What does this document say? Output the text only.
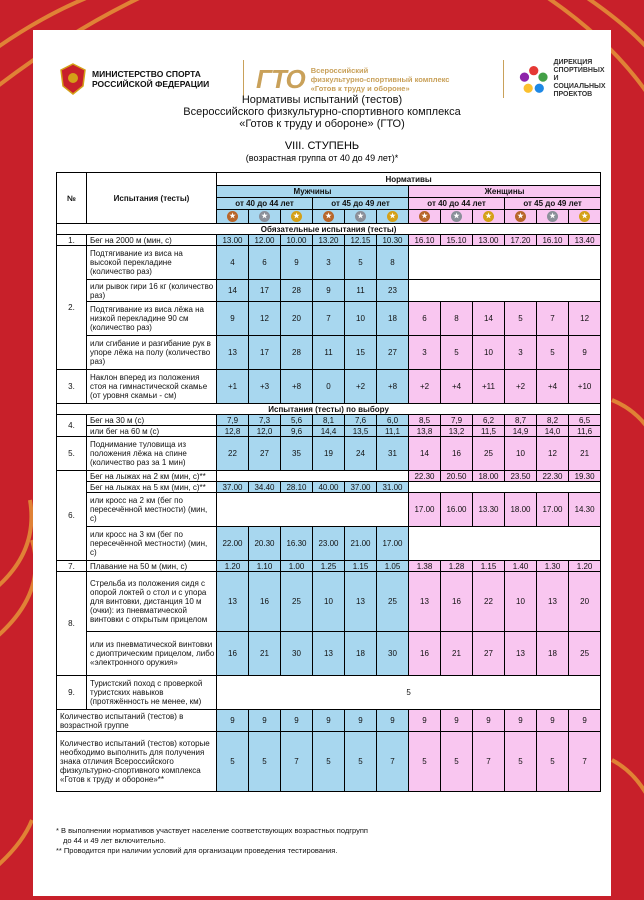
МИНИСТЕРСТВО СПОРТА
РОССИЙСКОЙ ФЕДЕРАЦИИ ГТО Всероссийский
физкультурно-спортивный комплекс
«Готов к труду и обороне»
ДИРЕКЦИЯ
СПОРТИВНЫХ
И СОЦИАЛЬНЫХ
ПРОЕКТОВ
Нормативы испытаний (тестов)
Всероссийского физкультурно-спортивного комплекса
«Готов к труду и обороне» (ГТО)
VIII. СТУПЕНЬ
(возрастная группа от 40 до 49 лет)*
№	Испытания (тесты)	Нормативы											
		Мужчины						Женщины					
		от 40 до 44 лет			от 45 до 49 лет			от 40 до 44 лет			от 45 до 49 лет		
		★	★	★	★	★	★	★	★	★	★	★	★
Обязательные испытания (тесты)													
1.	Бег на 2000 м (мин, с)	13.00	12.00	10.00	13.20	12.15	10.30	16.10	15.10	13.00	17.20	16.10	13.40
2.	Подтягивание из виса на высокой перекладине (количество раз)	4	6	9	3	5	8						
	или рывок гири 16 кг (количество раз)	14	17	28	9	11	23						
	Подтягивание из виса лёжа на низкой перекладине 90 см (количество раз)	9	12	20	7	10	18	6	8	14	5	7	12
	или сгибание и разгибание рук в упоре лёжа на полу (количество раз)	13	17	28	11	15	27	3	5	10	3	5	9
3.	Наклон вперед из положения стоя на гимнастической скамье (от уровня скамьи - см)	+1	+3	+8	0	+2	+8	+2	+4	+11	+2	+4	+10
Испытания (тесты) по выбору													
4.	Бег на 30 м (с)	7,9	7,3	5,6	8,1	7,6	6,0	8,5	7,9	6,2	8,7	8,2	6,5
	или бег на 60 м (с)	12,8	12,0	9,6	14,4	13,5	11,1	13,8	13,2	11,5	14,9	14,0	11,6
5.	Поднимание туловища из положения лёжа на спине (количество раз за 1 мин)	22	27	35	19	24	31	14	16	25	10	12	21
6.	Бег на лыжах на 2 км (мин, с)**							22.30	20.50	18.00	23.50	22.30	19.30
	Бег на лыжах на 5 км (мин, с)**	37.00	34.40	28.10	40.00	37.00	31.00						
	или кросс на 2 км (бег по пересечённой местности) (мин, с)							17.00	16.00	13.30	18.00	17.00	14.30
	или кросс на 3 км (бег по пересечённой местности) (мин, с)	22.00	20.30	16.30	23.00	21.00	17.00						
7.	Плавание на 50 м (мин, с)	1.20	1.10	1.00	1.25	1.15	1.05	1.38	1.28	1.15	1.40	1.30	1.20
8.	Стрельба из положения сидя с опорой локтей о стол и с упора для винтовки, дистанция 10 м (очки): из пневматической винтовки с открытым прицелом	13	16	25	10	13	25	13	16	22	10	13	20
	или из пневматической винтовки с диоптрическим прицелом, либо «электронного оружия»	16	21	30	13	18	30	16	21	27	13	18	25
9.	Туристский поход с проверкой туристских навыков (протяжённость не менее, км)	5											
Количество испытаний (тестов) в возрастной группе		9	9	9	9	9	9	9	9	9	9	9	9
Количество испытаний (тестов) которые необходимо выполнить для получения знака отличия Всероссийского физкультурно-спортивного комплекса «Готов к труду и обороне»**		5	5	7	5	5	7	5	5	7	5	5	7
* В выполнении нормативов участвует население соответствующих возрастных подгрупп
до 44 и 49 лет включительно.
** Проводится при наличии условий для организации проведения тестирования.
